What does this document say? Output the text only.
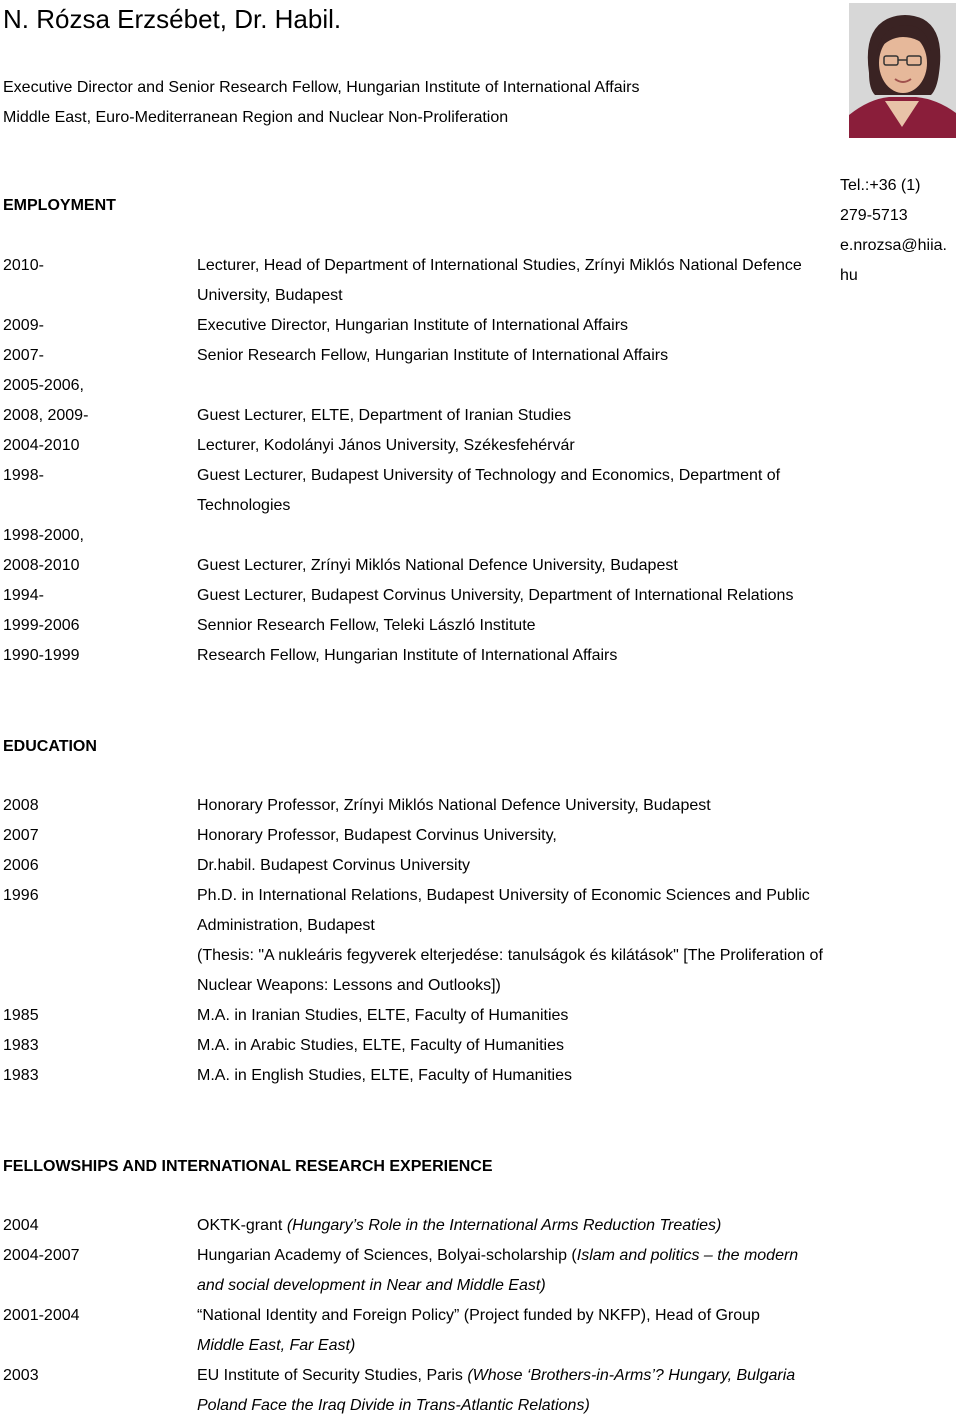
N. Rózsa Erzsébet, Dr. Habil.
Executive Director and Senior Research Fellow, Hungarian Institute of International Affairs
Middle East, Euro-Mediterranean Region and Nuclear Non-Proliferation
Tel.:+36 (1)
279-5713
e.nrozsa@hiia.
hu
EMPLOYMENT
2010-	Lecturer, Head of Department of International Studies, Zrínyi Miklós National Defence
University, Budapest
2009-	Executive Director, Hungarian Institute of International Affairs
2007-	Senior Research Fellow, Hungarian Institute of International Affairs
2005-2006,
2008, 2009-	Guest Lecturer, ELTE, Department of Iranian Studies
2004-2010	Lecturer, Kodolányi János University, Székesfehérvár
1998-	Guest Lecturer, Budapest University of Technology and Economics, Department of
Technologies
1998-2000,
2008-2010	Guest Lecturer, Zrínyi Miklós National Defence University, Budapest
1994-	Guest Lecturer, Budapest Corvinus University, Department of International Relations
1999-2006	Sennior Research Fellow, Teleki László Institute
1990-1999	Research Fellow, Hungarian Institute of International Affairs
EDUCATION
2008	Honorary Professor, Zrínyi Miklós National Defence University, Budapest
2007	Honorary Professor, Budapest Corvinus University,
2006	Dr.habil. Budapest Corvinus University
1996	Ph.D. in International Relations, Budapest University of Economic Sciences and Public
Administration, Budapest
(Thesis: "A nukleáris fegyverek elterjedése: tanulságok és kilátások" [The Proliferation of
Nuclear Weapons: Lessons and Outlooks])
1985	M.A. in Iranian Studies, ELTE, Faculty of Humanities
1983	M.A. in Arabic Studies, ELTE, Faculty of Humanities
1983	M.A. in English Studies, ELTE, Faculty of Humanities
FELLOWSHIPS AND INTERNATIONAL RESEARCH EXPERIENCE
2004	OKTK-grant (Hungary’s Role in the International Arms Reduction Treaties)
2004-2007	Hungarian Academy of Sciences, Bolyai-scholarship (Islam and politics – the modern
and social development in Near and Middle East)
2001-2004	“National Identity and Foreign Policy” (Project funded by NKFP), Head of Group
Middle East, Far East)
2003	EU Institute of Security Studies, Paris (Whose ‘Brothers-in-Arms’? Hungary, Bulgaria
Poland Face the Iraq Divide in Trans-Atlantic Relations)
